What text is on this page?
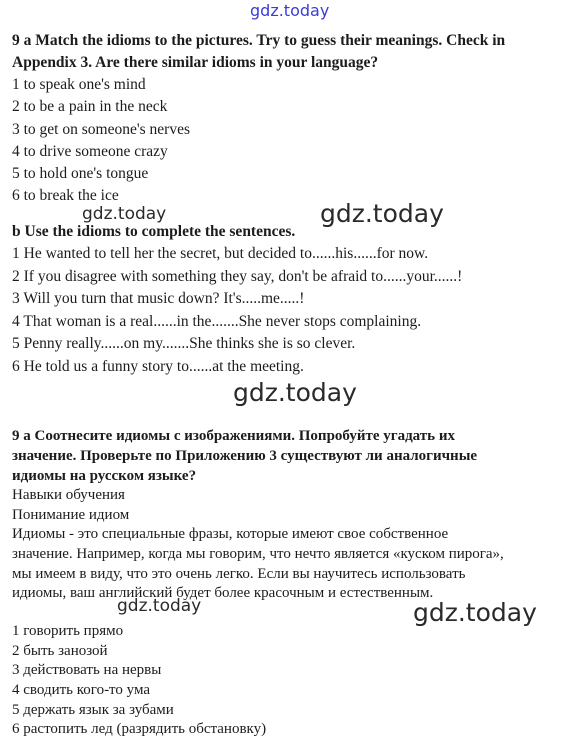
gdz.today
gdz.today	gdz.today
gdz.today
gdz.today	gdz.today
9 a Match the idioms to the pictures. Try to guess their meanings. Check in
Appendix 3. Are there similar idioms in your language?
1 to speak one's mind
2 to be a pain in the neck
3 to get on someone's nerves
4 to drive someone crazy
5 to hold one's tongue
6 to break the ice
b Use the idioms to complete the sentences.
1 He wanted to tell her the secret, but decided to......his......for now.
2 If you disagree with something they say, don't be afraid to......your......!
3 Will you turn that music down? It's.....me.....!
4 That woman is a real......in the.......She never stops complaining.
5 Penny really......on my.......She thinks she is so clever.
6 He told us a funny story to......at the meeting.
9 а Соотнесите идиомы с изображениями. Попробуйте угадать их
значение. Проверьте по Приложению 3 существуют ли аналогичные
идиомы на русском языке?
Навыки обучения
Понимание идиом
Идиомы - это специальные фразы, которые имеют свое собственное
значение. Например, когда мы говорим, что нечто является «куском пирога»,
мы имеем в виду, что это очень легко. Если вы научитесь использовать
идиомы, ваш английский будет более красочным и естественным.
1 говорить прямо
2 быть занозой
3 действовать на нервы
4 сводить кого-то ума
5 держать язык за зубами
6 растопить лед (разрядить обстановку)
